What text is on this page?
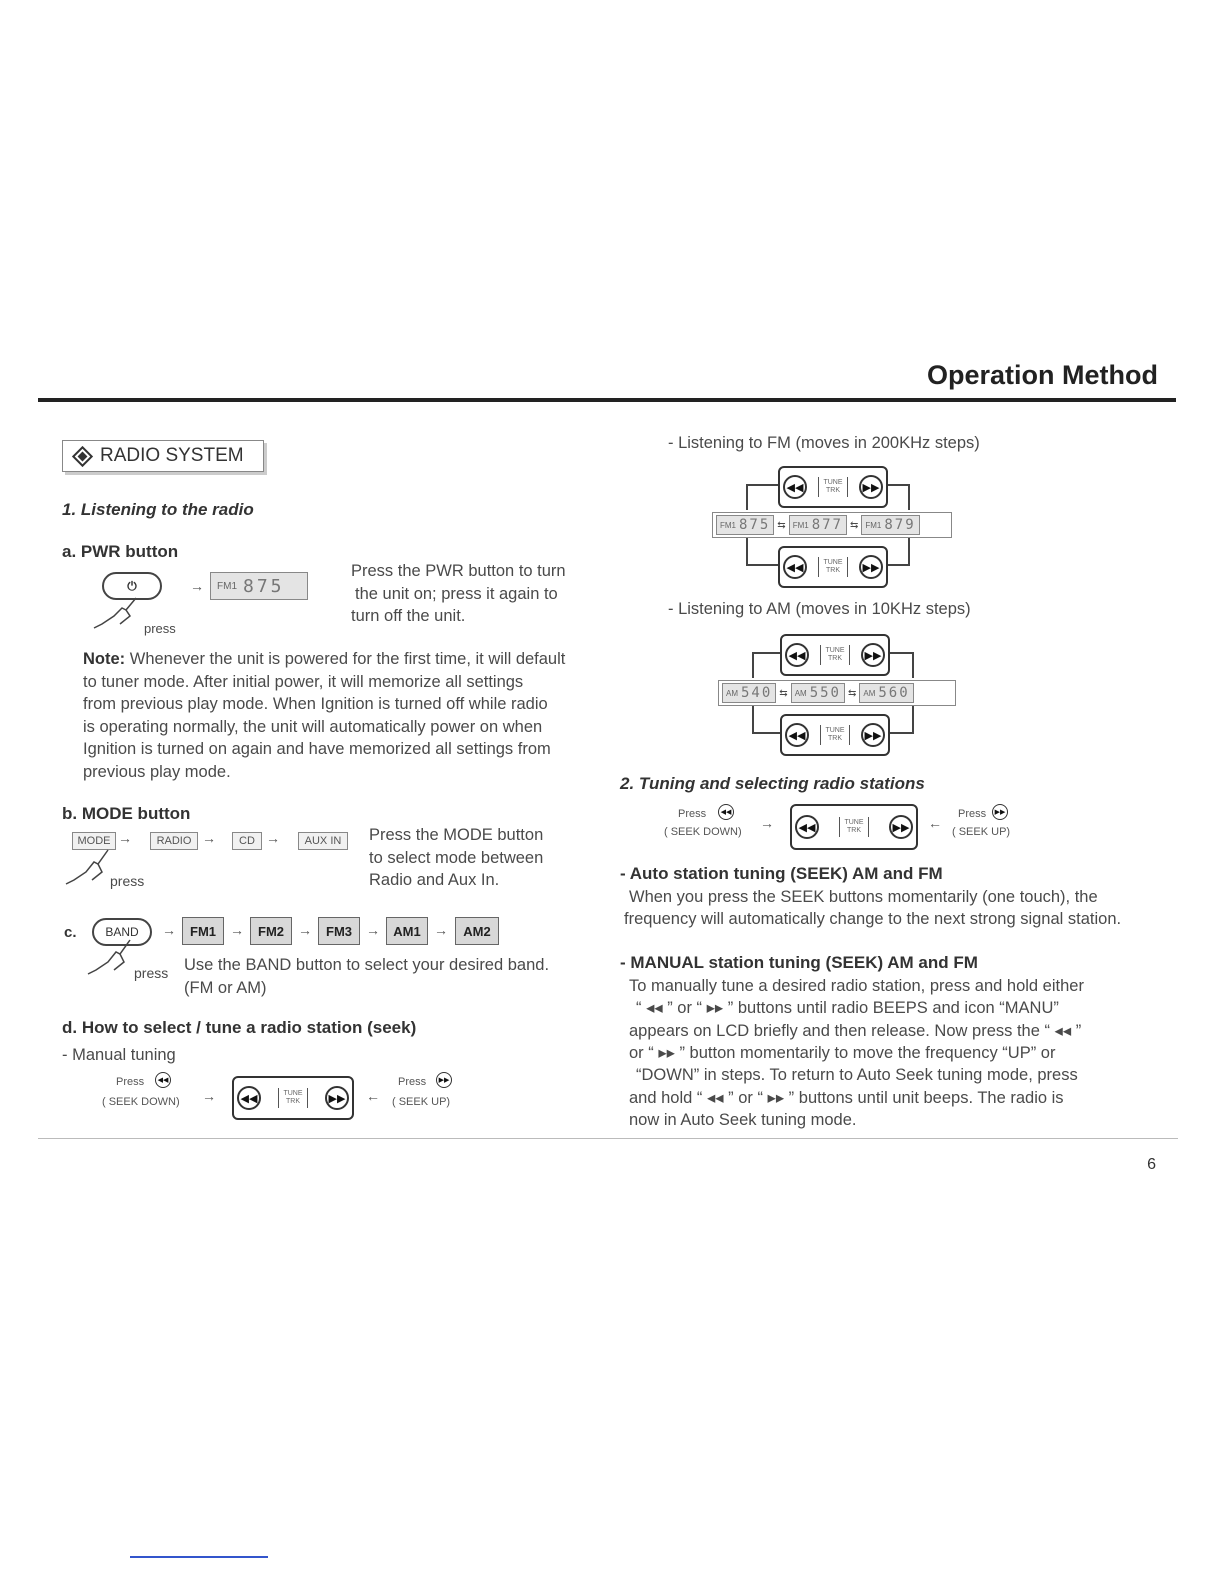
Operation Method
RADIO SYSTEM
1. Listening to the radio
a. PWR button
⏻
press
→ FM1 875
Press the PWR button to turn
the unit on; press it again to
turn off the unit.
Note: Whenever the unit is powered for the first time, it will default
to tuner mode. After initial power, it will memorize all settings
from previous play mode. When Ignition is turned off while radio
is operating normally, the unit will automatically power on when
Ignition is turned on again and have memorized all settings from
previous play mode.
b. MODE button
MODE →	RADIO →	CD →	AUX IN
press
Press the MODE button
to select mode between
Radio and Aux In.
c.	BAND	→	FM1	→	FM2	→	FM3	→	AM1 →	AM2
press Use the BAND button to select your desired band.
(FM or AM)
d. How to select / tune a radio station (seek)
- Manual tuning
Press	◀◀
( SEEK DOWN) →	◀◀	TUNE
TRK	▶▶ ←
Press	▶▶
( SEEK UP)
- Listening to FM (moves in 200KHz steps)
◀◀	TUNE
TRK	▶▶
FM1 875 ⇆ FM1 877 ⇆ FM1 879
◀◀	TUNE
TRK	▶▶
- Listening to AM (moves in 10KHz steps)
◀◀	TUNE
TRK	▶▶
AM 540 ⇆ AM 550 ⇆ AM 560
◀◀	TUNE
TRK	▶▶
2. Tuning and selecting radio stations
Press	◀◀
( SEEK DOWN)
→	◀◀	TUNE
TRK	▶▶ ←
Press	▶▶
( SEEK UP)
- Auto station tuning (SEEK) AM and FM
When you press the SEEK buttons momentarily (one touch), the
frequency will automatically change to the next strong signal station.
- MANUAL station tuning (SEEK) AM and FM
To manually tune a desired radio station, press and hold either
“ ◂◂ ” or “ ▸▸ ” buttons until radio BEEPS and icon “MANU”
appears on LCD briefly and then release. Now press the “ ◂◂ ”
or “ ▸▸ ” button momentarily to move the frequency “UP” or
“DOWN” in steps. To return to Auto Seek tuning mode, press
and hold “ ◂◂ ” or “ ▸▸ ” buttons until unit beeps. The radio is
now in Auto Seek tuning mode.
6
